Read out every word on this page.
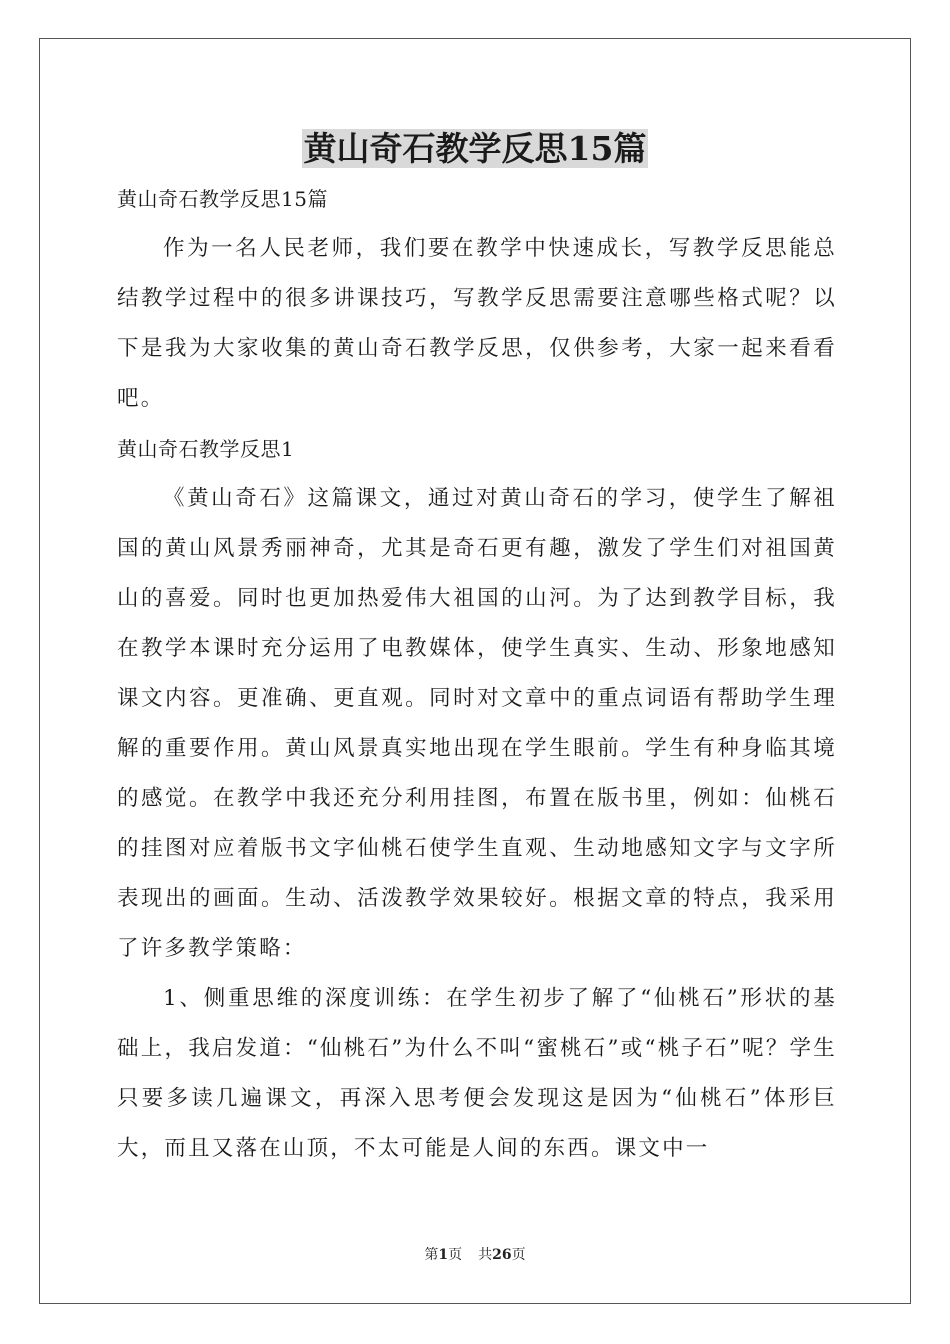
黄山奇石教学反思15篇

黄山奇石教学反思15篇

作为一名人民老师，我们要在教学中快速成长，写教学反思能总结教学过程中的很多讲课技巧，写教学反思需要注意哪些格式呢？以下是我为大家收集的黄山奇石教学反思，仅供参考，大家一起来看看吧。

黄山奇石教学反思1

《黄山奇石》这篇课文，通过对黄山奇石的学习，使学生了解祖国的黄山风景秀丽神奇，尤其是奇石更有趣，激发了学生们对祖国黄山的喜爱。同时也更加热爱伟大祖国的山河。为了达到教学目标，我在教学本课时充分运用了电教媒体，使学生真实、生动、形象地感知课文内容。更准确、更直观。同时对文章中的重点词语有帮助学生理解的重要作用。黄山风景真实地出现在学生眼前。学生有种身临其境的感觉。在教学中我还充分利用挂图，布置在版书里，例如：仙桃石的挂图对应着版书文字仙桃石使学生直观、生动地感知文字与文字所表现出的画面。生动、活泼教学效果较好。根据文章的特点，我采用了许多教学策略：

1、侧重思维的深度训练：在学生初步了解了“仙桃石”形状的基础上，我启发道：“仙桃石”为什么不叫“蜜桃石”或“桃子石”呢？学生只要多读几遍课文，再深入思考便会发现这是因为“仙桃石”体形巨大，而且又落在山顶，不太可能是人间的东西。课文中一

第1页 共26页
